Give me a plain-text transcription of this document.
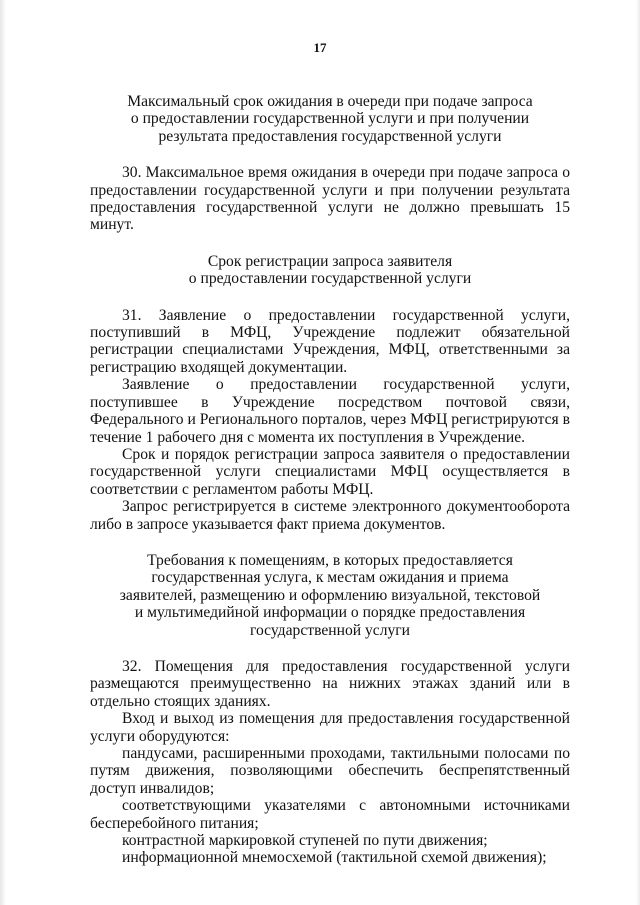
17
Максимальный срок ожидания в очереди при подаче запроса
о предоставлении государственной услуги и при получении
результата предоставления государственной услуги

30. Максимальное время ожидания в очереди при подаче запроса о предоставлении государственной услуги и при получении результата предоставления государственной услуги не должно превышать 15 минут.

Срок регистрации запроса заявителя
о предоставлении государственной услуги

31. Заявление о предоставлении государственной услуги, поступивший в МФЦ, Учреждение подлежит обязательной регистрации специалистами Учреждения, МФЦ, ответственными за регистрацию входящей документации.

Заявление о предоставлении государственной услуги, поступившее в Учреждение посредством почтовой связи, Федерального и Регионального порталов, через МФЦ регистрируются в течение 1 рабочего дня с момента их поступления в Учреждение.

Срок и порядок регистрации запроса заявителя о предоставлении государственной услуги специалистами МФЦ осуществляется в соответствии с регламентом работы МФЦ.

Запрос регистрируется в системе электронного документооборота либо в запросе указывается факт приема документов.

Требования к помещениям, в которых предоставляется
государственная услуга, к местам ожидания и приема
заявителей, размещению и оформлению визуальной, текстовой
и мультимедийной информации о порядке предоставления
государственной услуги

32. Помещения для предоставления государственной услуги размещаются преимущественно на нижних этажах зданий или в отдельно стоящих зданиях.

Вход и выход из помещения для предоставления государственной услуги оборудуются:

пандусами, расширенными проходами, тактильными полосами по путям движения, позволяющими обеспечить беспрепятственный доступ инвалидов;

соответствующими указателями с автономными источниками бесперебойного питания;

контрастной маркировкой ступеней по пути движения;

информационной мнемосхемой (тактильной схемой движения);
